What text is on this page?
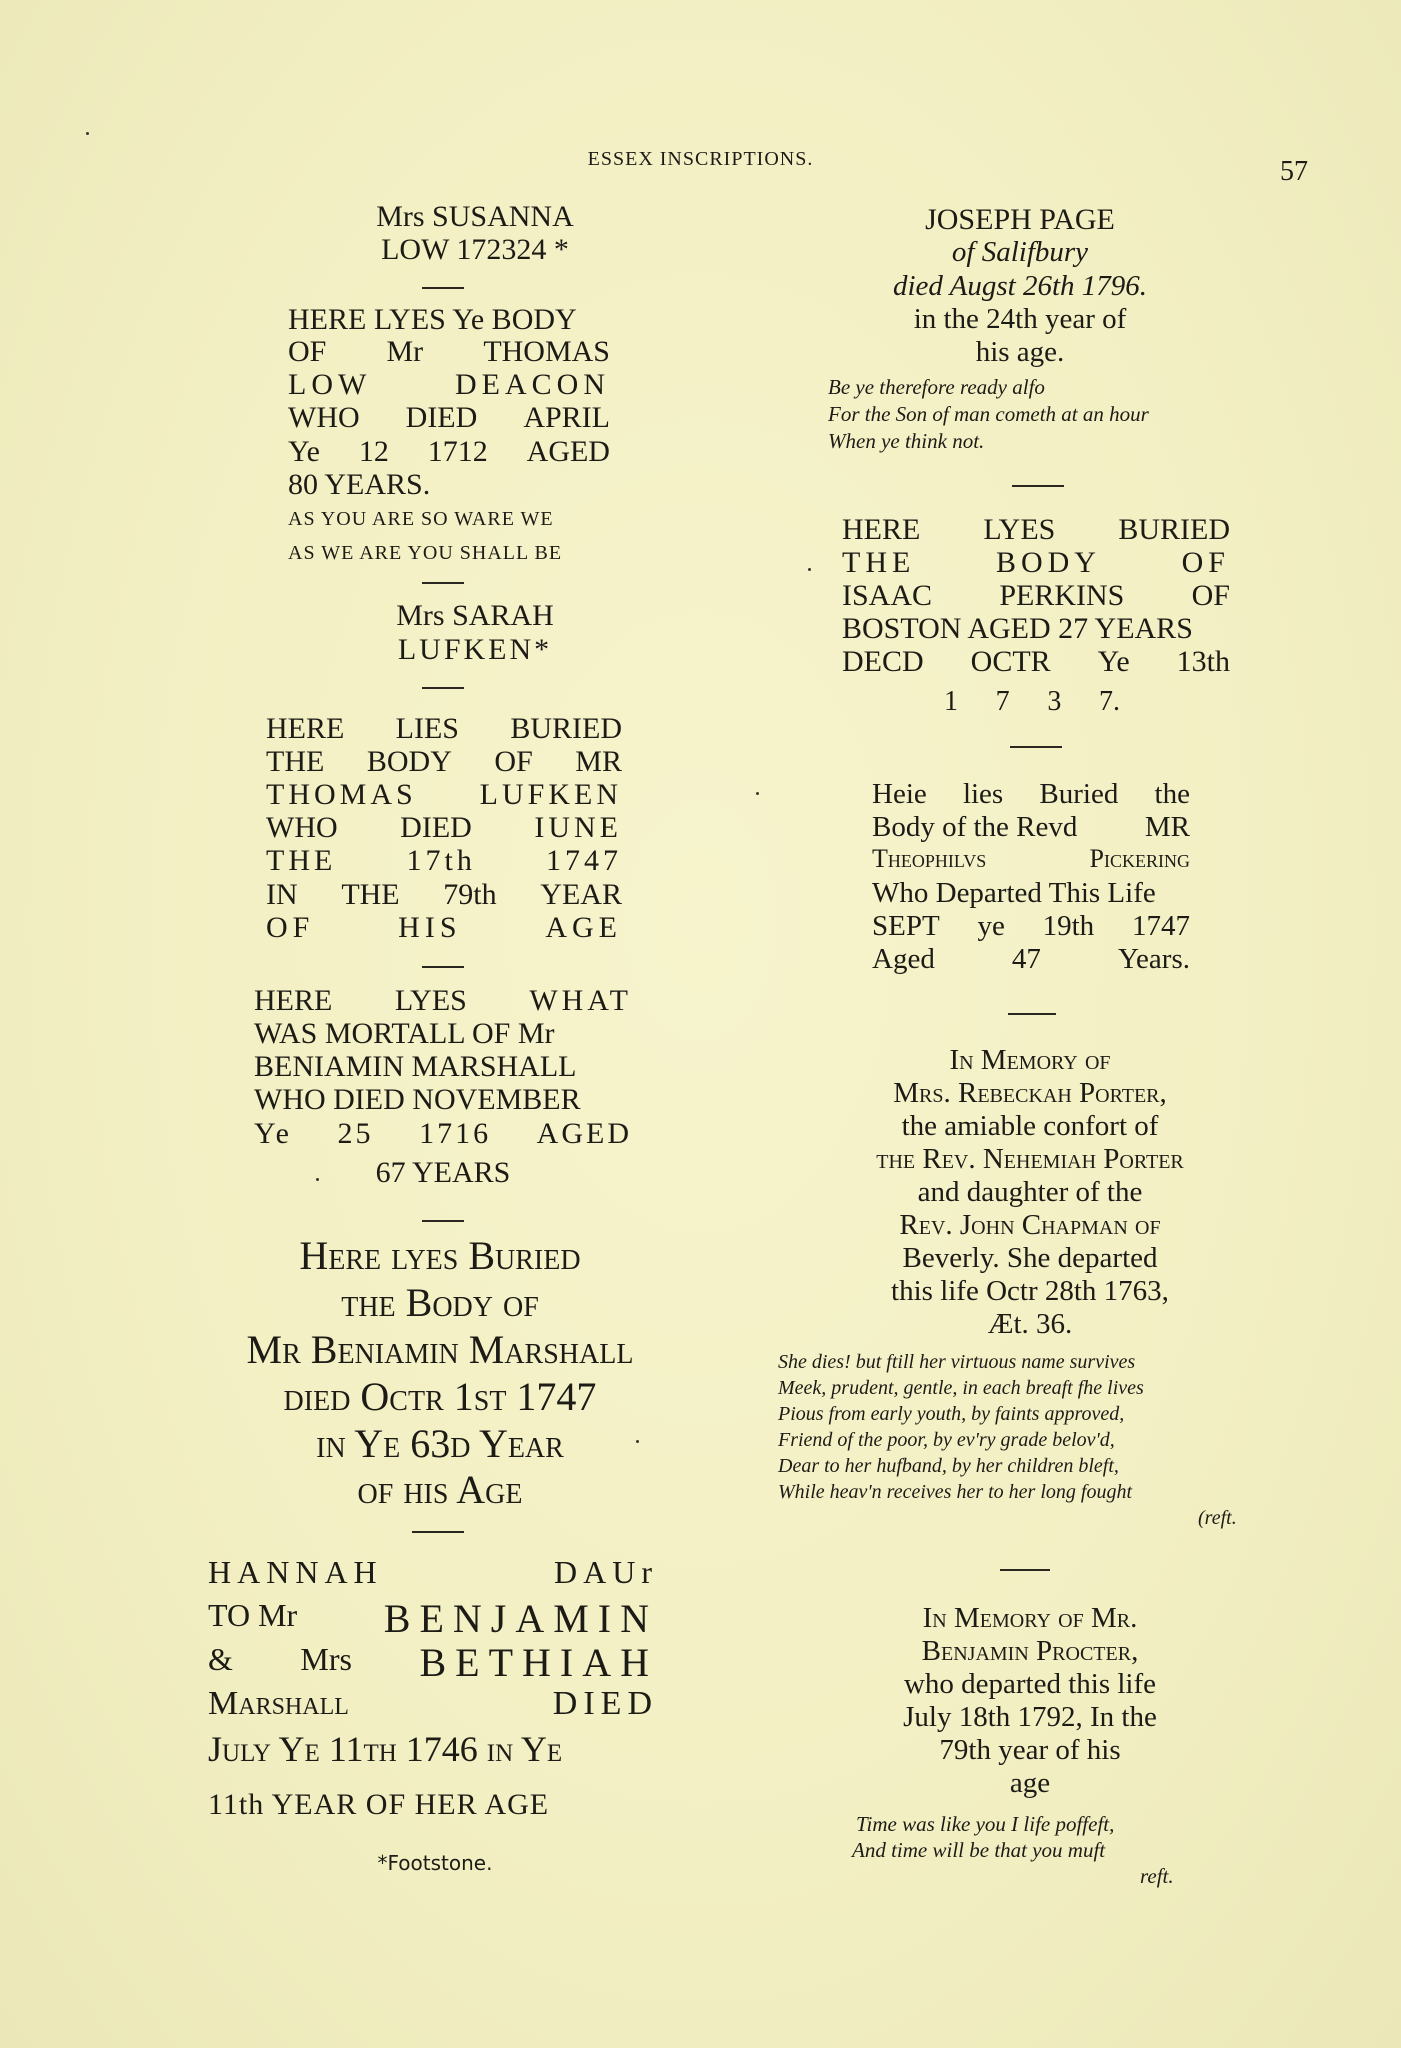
ESSEX INSCRIPTIONS.	57
Mrs SUSANNA
LOW 172324 *
HERE LYES Ye BODY
OF Mr THOMAS
LOW	DEACON
WHO DIED APRIL
Ye 12 1712 AGED
80 YEARS.
AS YOU ARE SO WARE WE
AS WE ARE YOU SHALL BE
Mrs SARAH
LUFKEN*
HERE LIES BURIED
THE BODY OF MR
THOMAS LUFKEN
WHO DIED IUNE
THE 17th 1747
IN THE 79th YEAR
OF	HIS	AGE
HERE LYES WHAT
WAS MORTALL OF Mr
BENIAMIN MARSHALL
WHO DIED NOVEMBER
Ye 25 1716 AGED
67 YEARS
Here lyes Buried
the Body of
Mr Beniamin Marshall
died Octr 1st 1747
in Ye 63d Year
of his Age
HANNAH	DAUr
TO Mr BENJAMIN
& Mrs BETHIAH
Marshall	DIED
July Ye 11th 1746 in Ye
11th YEAR OF HER AGE
*Footstone.
JOSEPH PAGE
of Salifbury
died Augst 26th 1796.
in the 24th year of
his age.
Be ye therefore ready alfo
For the Son of man cometh at an hour
When ye think not.
HERE LYES BURIED
THE	BODY	OF
ISAAC PERKINS OF
BOSTON AGED 27 YEARS
DECD OCTR Ye 13th
1 7 3 7.
Heie lies Buried the
Body of the Revd MR
Theophilvs	Pickering
Who Departed This Life
SEPT ye 19th 1747
Aged	47	Years.
In Memory of
Mrs. Rebeckah Porter,
the amiable confort of
the Rev. Nehemiah Porter
and daughter of the
Rev. John Chapman of
Beverly. She departed
this life Octr 28th 1763,
Æt. 36.
She dies! but ftill her virtuous name survives
Meek, prudent, gentle, in each breaft fhe lives
Pious from early youth, by faints approved,
Friend of the poor, by ev'ry grade belov'd,
Dear to her hufband, by her children bleft,
While heav'n receives her to her long fought
(reft.
In Memory of Mr.
Benjamin Procter,
who departed this life
July 18th 1792, In the
79th year of his
age
Time was like you I life poffeft,
And time will be that you muft
reft.
